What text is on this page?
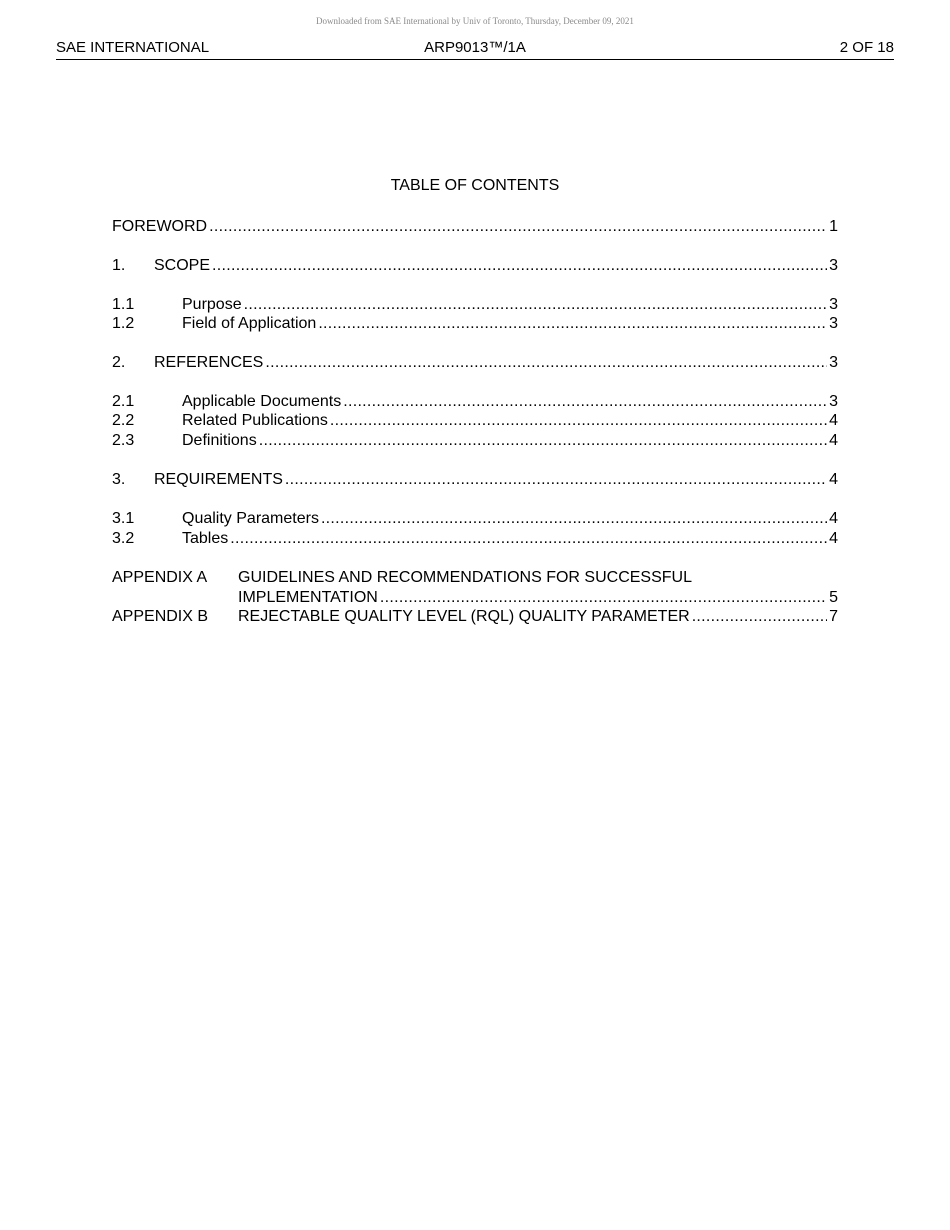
Downloaded from SAE International by Univ of Toronto, Thursday, December 09, 2021
ARP9013™/1A
SAE INTERNATIONAL	2 OF 18
TABLE OF CONTENTS
FOREWORD .....	1
1.	SCOPE .....	3
1.1	Purpose .....	3
1.2	Field of Application .....	3
2.	REFERENCES .....	3
2.1	Applicable Documents .....	3
2.2	Related Publications .....	4
2.3	Definitions .....	4
3.	REQUIREMENTS .....	4
3.1	Quality Parameters .....	4
3.2	Tables .....	4
APPENDIX A	GUIDELINES AND RECOMMENDATIONS FOR SUCCESSFUL
IMPLEMENTATION .....	5
APPENDIX B	REJECTABLE QUALITY LEVEL (RQL) QUALITY PARAMETER .....	7
